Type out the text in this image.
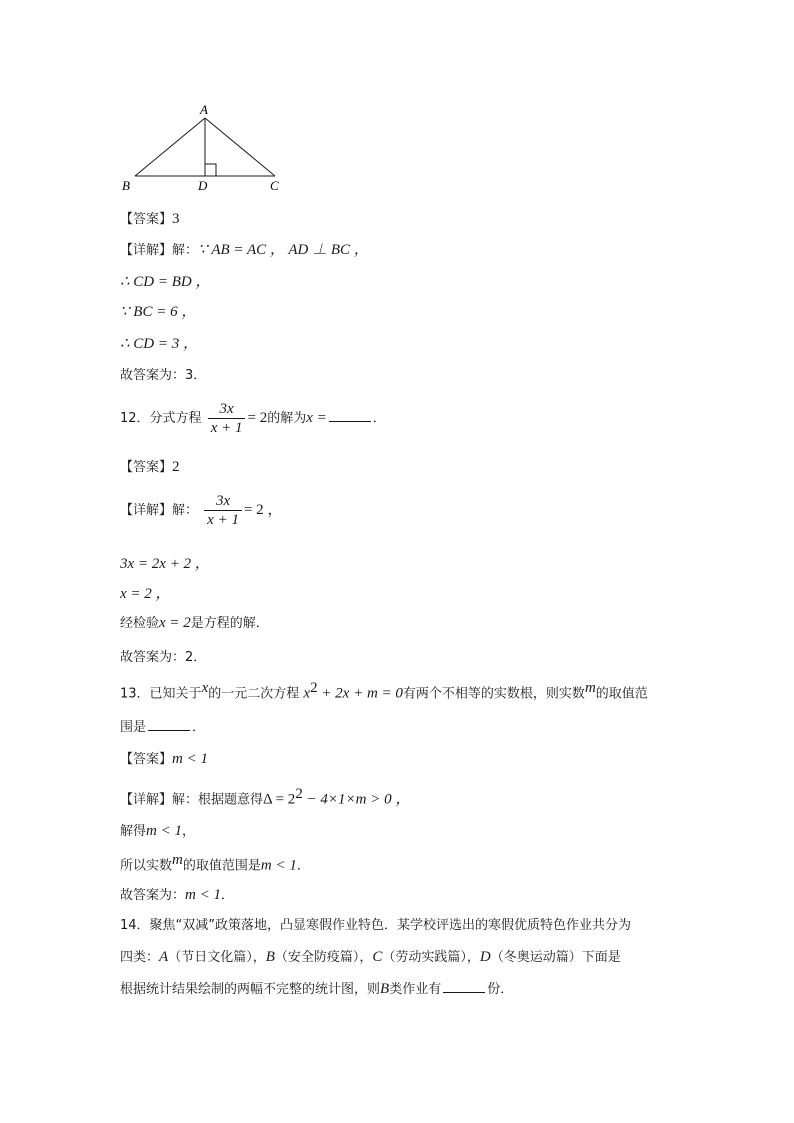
A
B	D	C
【答案】3
【详解】解：∵ AB = AC ， AD ⊥ BC ，
∴ CD = BD ，
∵ BC = 6 ，
∴ CD = 3 ，
故答案为：3．
12．分式方程 $\frac{3x}{x + 1} = 2$的解为x =	．
【答案】2
【详解】解： $\frac{3x}{x + 1} = 2$ ，
3x = 2x + 2 ，
x = 2 ，
经检验x = 2是方程的解．
故答案为：2．
13．已知关于$^x$的一元二次方程 $x^2 + 2x + m = 0$有两个不相等的实数根，则实数$^m$的取值范
围是	．
【答案】m < 1
【详解】解：根据题意得$\Delta = 2^2 - 4\times 1\times m > 0$ ，
解得m < 1，
所以实数$^m$的取值范围是m < 1．
故答案为：m < 1．
14．聚焦“双减”政策落地，凸显寒假作业特色．某学校评选出的寒假优质特色作业共分为
四类：A（节日文化篇），B（安全防疫篇），C（劳动实践篇），D（冬奥运动篇）下面是
根据统计结果绘制的两幅不完整的统计图，则B类作业有	份．
